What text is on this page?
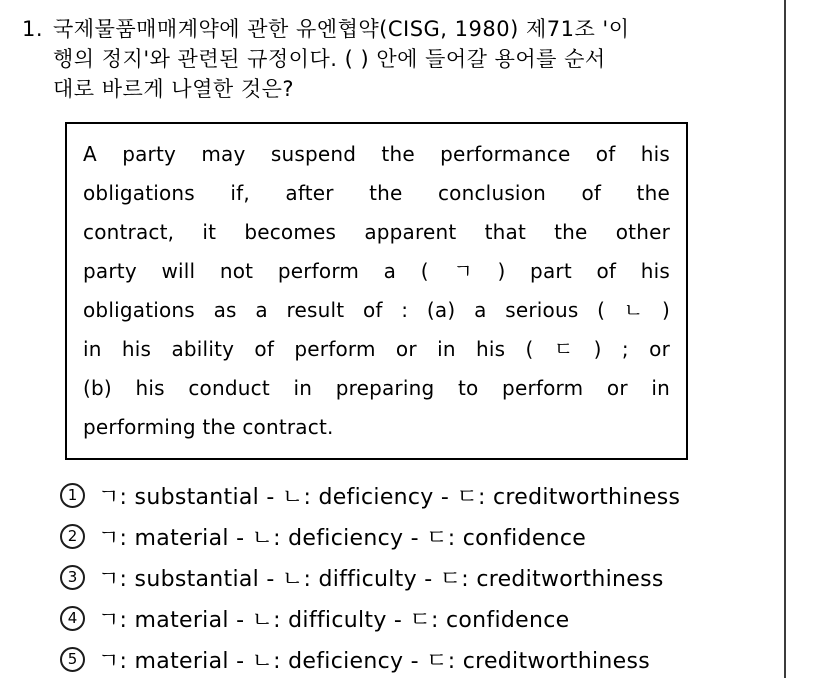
1. 국제물품매매계약에 관한 유엔협약(CISG, 1980) 제71조 '이
행의 정지'와 관련된 규정이다. ( ) 안에 들어갈 용어를 순서
대로 바르게 나열한 것은?
A party may suspend the performance of his
obligations if, after the conclusion of the
contract, it becomes apparent that the other
party will not perform a ( ㄱ ) part of his
obligations as a result of : (a) a serious ( ㄴ )
in his ability of perform or in his ( ㄷ ) ; or
(b) his conduct in preparing to perform or in
performing the contract.
1 ㄱ: substantial - ㄴ: deficiency - ㄷ: creditworthiness
2 ㄱ: material - ㄴ: deficiency - ㄷ: confidence
3 ㄱ: substantial - ㄴ: difficulty - ㄷ: creditworthiness
4 ㄱ: material - ㄴ: difficulty - ㄷ: confidence
5 ㄱ: material - ㄴ: deficiency - ㄷ: creditworthiness
